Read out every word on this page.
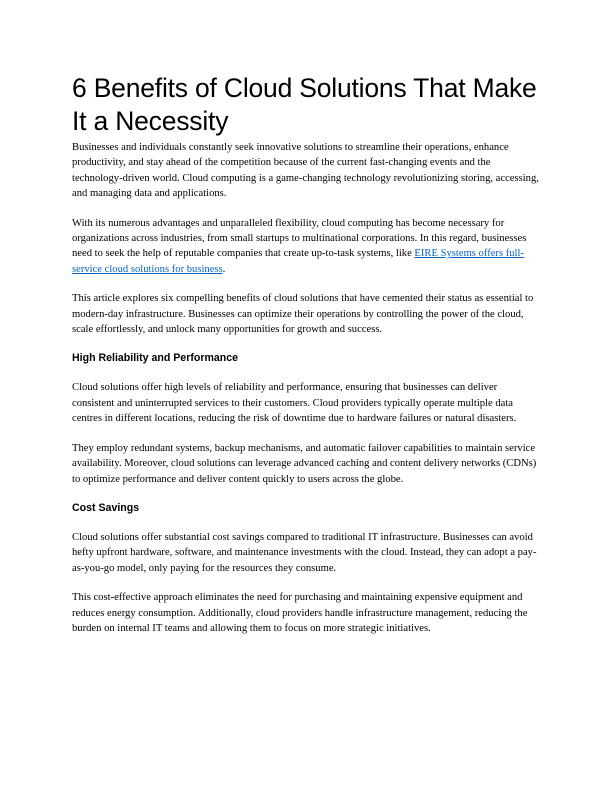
6 Benefits of Cloud Solutions That Make It a Necessity

Businesses and individuals constantly seek innovative solutions to streamline their operations, enhance productivity, and stay ahead of the competition because of the current fast-changing events and the technology-driven world. Cloud computing is a game-changing technology revolutionizing storing, accessing, and managing data and applications.

With its numerous advantages and unparalleled flexibility, cloud computing has become necessary for organizations across industries, from small startups to multinational corporations. In this regard, businesses need to seek the help of reputable companies that create up-to-task systems, like EIRE Systems offers full-service cloud solutions for business.

This article explores six compelling benefits of cloud solutions that have cemented their status as essential to modern-day infrastructure. Businesses can optimize their operations by controlling the power of the cloud, scale effortlessly, and unlock many opportunities for growth and success.

High Reliability and Performance

Cloud solutions offer high levels of reliability and performance, ensuring that businesses can deliver consistent and uninterrupted services to their customers. Cloud providers typically operate multiple data centres in different locations, reducing the risk of downtime due to hardware failures or natural disasters.

They employ redundant systems, backup mechanisms, and automatic failover capabilities to maintain service availability. Moreover, cloud solutions can leverage advanced caching and content delivery networks (CDNs) to optimize performance and deliver content quickly to users across the globe.

Cost Savings

Cloud solutions offer substantial cost savings compared to traditional IT infrastructure. Businesses can avoid hefty upfront hardware, software, and maintenance investments with the cloud. Instead, they can adopt a pay-as-you-go model, only paying for the resources they consume.

This cost-effective approach eliminates the need for purchasing and maintaining expensive equipment and reduces energy consumption. Additionally, cloud providers handle infrastructure management, reducing the burden on internal IT teams and allowing them to focus on more strategic initiatives.
